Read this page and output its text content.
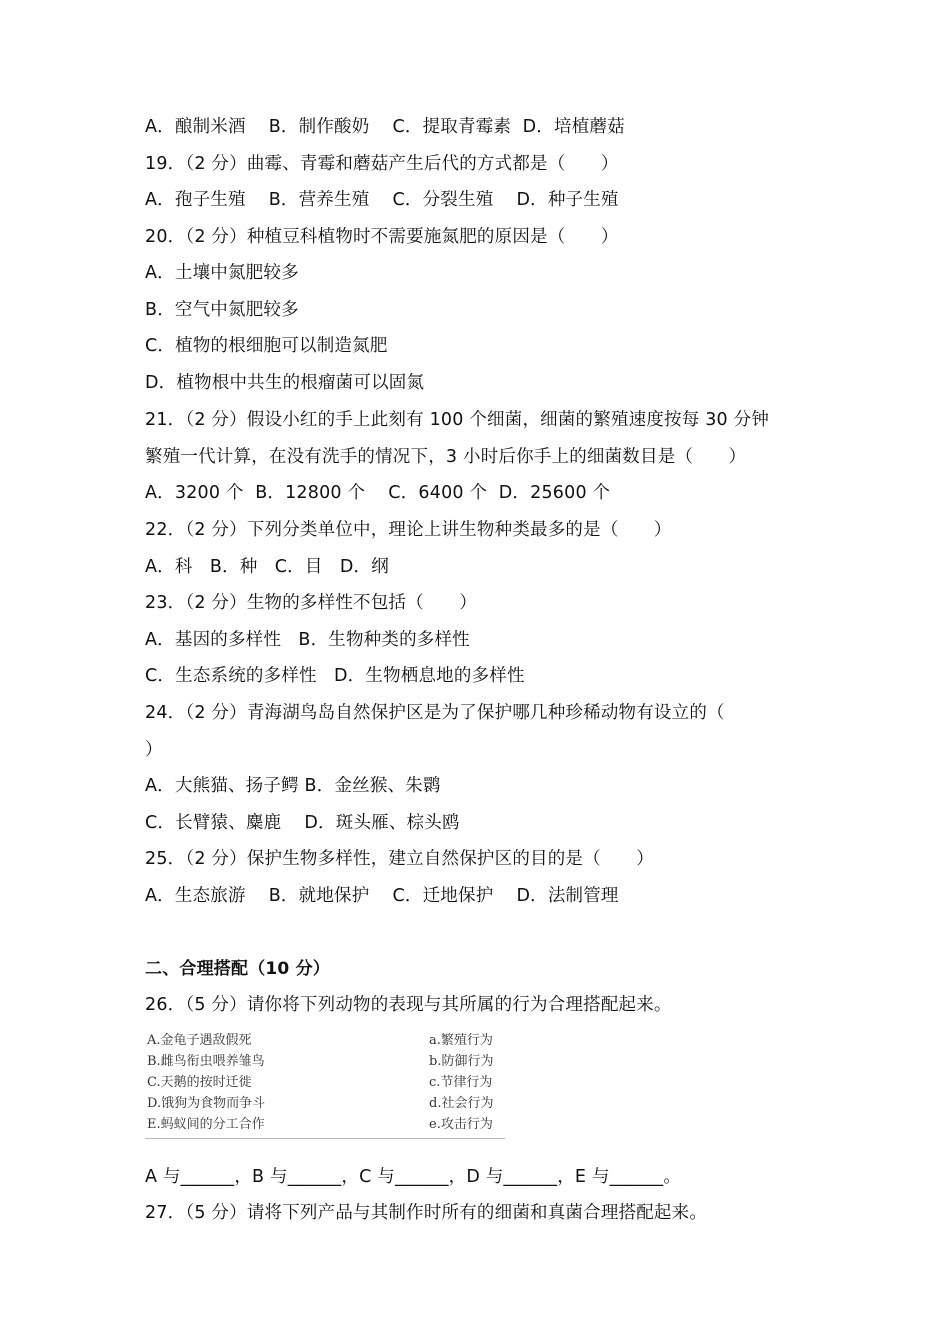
A．酿制米酒    B．制作酸奶    C．提取青霉素  D．培植蘑菇
19．（2 分）曲霉、青霉和蘑菇产生后代的方式都是（　　）
A．孢子生殖    B．营养生殖    C．分裂生殖    D．种子生殖
20．（2 分）种植豆科植物时不需要施氮肥的原因是（　　）
A．土壤中氮肥较多
B．空气中氮肥较多
C．植物的根细胞可以制造氮肥
D．植物根中共生的根瘤菌可以固氮
21．（2 分）假设小红的手上此刻有 100 个细菌，细菌的繁殖速度按每 30 分钟
繁殖一代计算，在没有洗手的情况下，3 小时后你手上的细菌数目是（　　）
A．3200 个  B．12800 个    C．6400 个  D．25600 个
22．（2 分）下列分类单位中，理论上讲生物种类最多的是（　　）
A．科   B．种   C．目   D．纲
23．（2 分）生物的多样性不包括（　　）
A．基因的多样性   B．生物种类的多样性
C．生态系统的多样性   D．生物栖息地的多样性
24．（2 分）青海湖鸟岛自然保护区是为了保护哪几种珍稀动物有设立的（
）
A．大熊猫、扬子鳄 B．金丝猴、朱鹮
C．长臂猿、麋鹿    D．斑头雁、棕头鸥
25．（2 分）保护生物多样性，建立自然保护区的目的是（　　）
A．生态旅游    B．就地保护    C．迁地保护    D．法制管理
二、合理搭配（10 分）
26．（5 分）请你将下列动物的表现与其所属的行为合理搭配起来。
A.金龟子遇敌假死
B.雌鸟衔虫喂养雏鸟
C.天鹅的按时迁徙
D.饿狗为食物而争斗
E.蚂蚁间的分工合作
a.繁殖行为
b.防御行为
c.节律行为
d.社会行为
e.攻击行为
A 与______，B 与______，C 与______，D 与______，E 与______。
27．（5 分）请将下列产品与其制作时所有的细菌和真菌合理搭配起来。
